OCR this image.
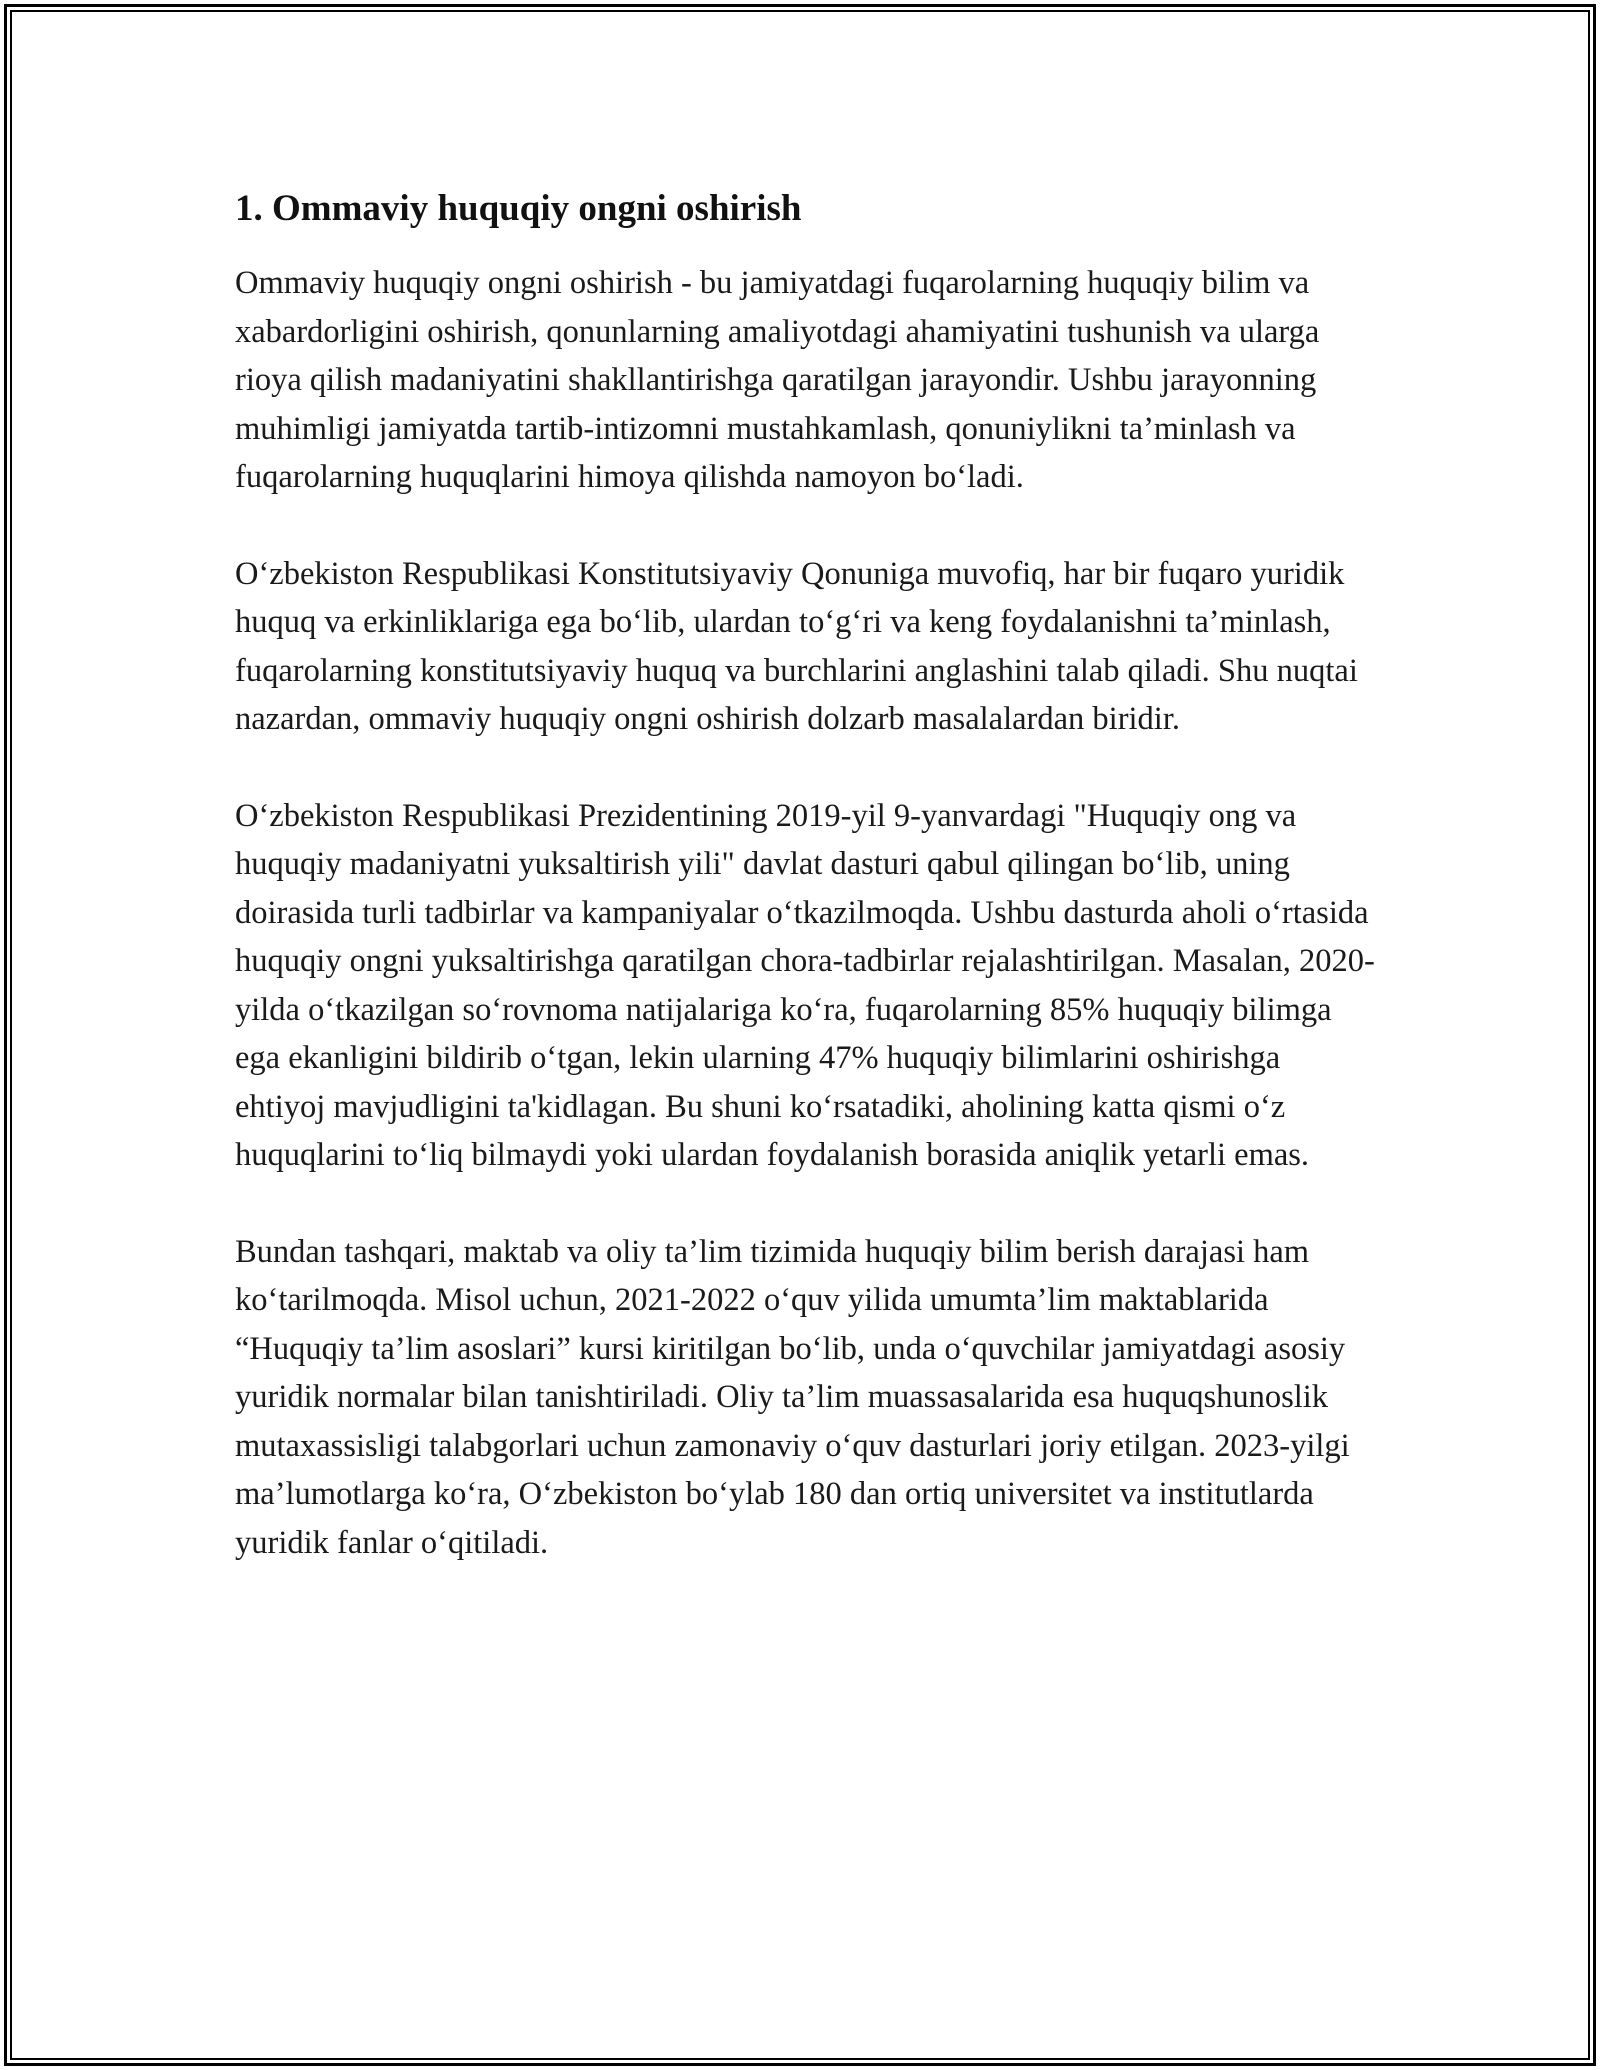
1. Ommaviy huquqiy ongni oshirish

Ommaviy huquqiy ongni oshirish - bu jamiyatdagi fuqarolarning huquqiy bilim va xabardorligini oshirish, qonunlarning amaliyotdagi ahamiyatini tushunish va ularga rioya qilish madaniyatini shakllantirishga qaratilgan jarayondir. Ushbu jarayonning muhimligi jamiyatda tartib-intizomni mustahkamlash, qonuniylikni ta’minlash va fuqarolarning huquqlarini himoya qilishda namoyon bo‘ladi.

O‘zbekiston Respublikasi Konstitutsiyaviy Qonuniga muvofiq, har bir fuqaro yuridik huquq va erkinliklariga ega bo‘lib, ulardan to‘g‘ri va keng foydalanishni ta’minlash, fuqarolarning konstitutsiyaviy huquq va burchlarini anglashini talab qiladi. Shu nuqtai nazardan, ommaviy huquqiy ongni oshirish dolzarb masalalardan biridir.

O‘zbekiston Respublikasi Prezidentining 2019-yil 9-yanvardagi "Huquqiy ong va huquqiy madaniyatni yuksaltirish yili" davlat dasturi qabul qilingan bo‘lib, uning doirasida turli tadbirlar va kampaniyalar o‘tkazilmoqda. Ushbu dasturda aholi o‘rtasida huquqiy ongni yuksaltirishga qaratilgan chora-tadbirlar rejalashtirilgan. Masalan, 2020-yilda o‘tkazilgan so‘rovnoma natijalariga ko‘ra, fuqarolarning 85% huquqiy bilimga ega ekanligini bildirib o‘tgan, lekin ularning 47% huquqiy bilimlarini oshirishga ehtiyoj mavjudligini ta'kidlagan. Bu shuni ko‘rsatadiki, aholining katta qismi o‘z huquqlarini to‘liq bilmaydi yoki ulardan foydalanish borasida aniqlik yetarli emas.

Bundan tashqari, maktab va oliy ta’lim tizimida huquqiy bilim berish darajasi ham ko‘tarilmoqda. Misol uchun, 2021-2022 o‘quv yilida umumta’lim maktablarida “Huquqiy ta’lim asoslari” kursi kiritilgan bo‘lib, unda o‘quvchilar jamiyatdagi asosiy yuridik normalar bilan tanishtiriladi. Oliy ta’lim muassasalarida esa huquqshunoslik mutaxassisligi talabgorlari uchun zamonaviy o‘quv dasturlari joriy etilgan. 2023-yilgi ma’lumotlarga ko‘ra, O‘zbekiston bo‘ylab 180 dan ortiq universitet va institutlarda yuridik fanlar o‘qitiladi.
